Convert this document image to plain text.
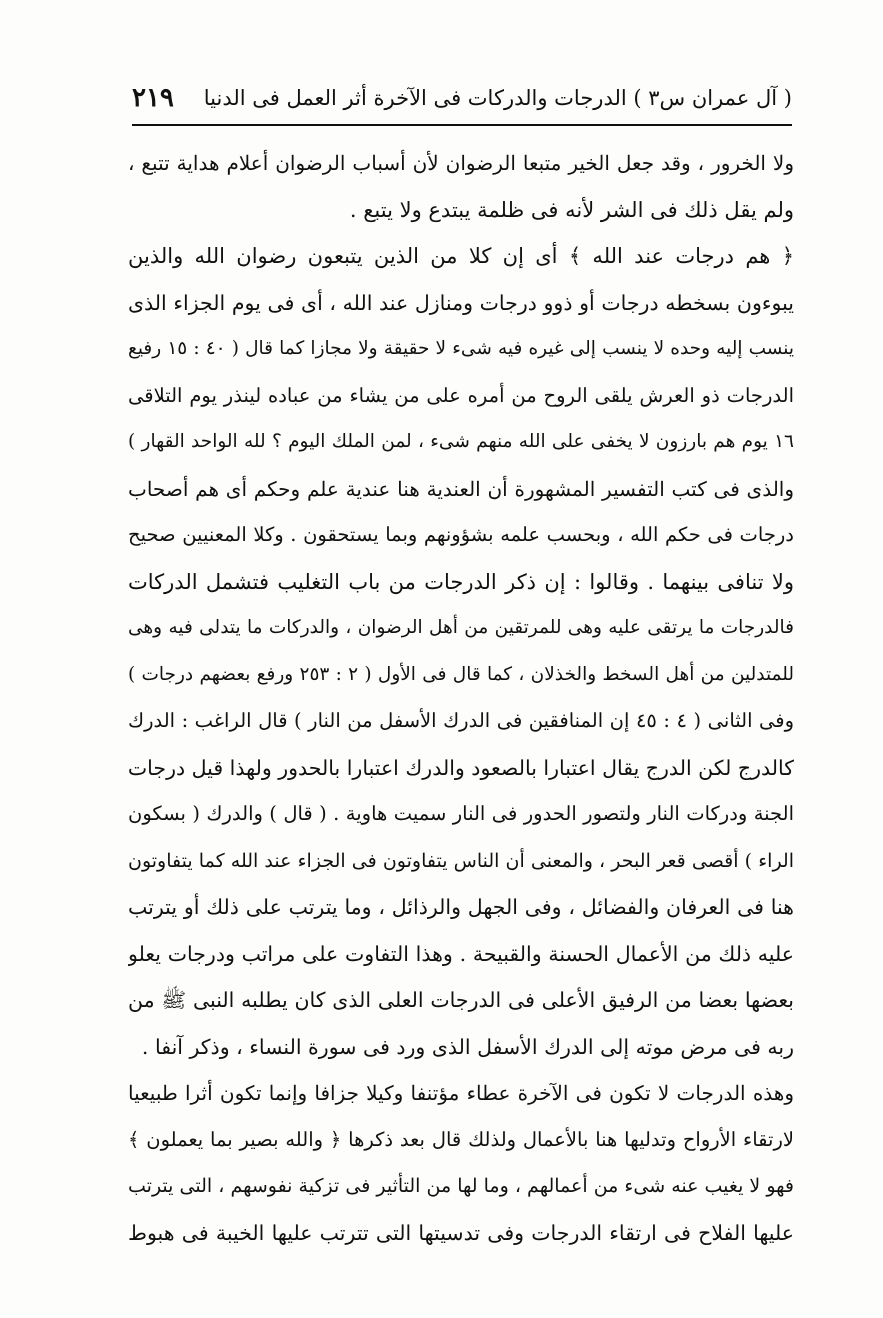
( آل عمران س٣ ) الدرجات والدركات فى الآخرة أثر العمل فى الدنيا
٢١٩
ولا الخرور ، وقد جعل الخير متبعا الرضوان لأن أسباب الرضوان أعلام هداية تتبع ،
ولم يقل ذلك فى الشر لأنه فى ظلمة يبتدع ولا يتبع .
﴿ هم درجات عند الله ﴾ أى إن كلا من الذين يتبعون رضوان الله والذين
يبوءون بسخطه درجات أو ذوو درجات ومنازل عند الله ، أى فى يوم الجزاء الذى
ينسب إليه وحده لا ينسب إلى غيره فيه شىء لا حقيقة ولا مجازا كما قال ( ٤٠ : ١٥ رفيع
الدرجات ذو العرش يلقى الروح من أمره على من يشاء من عباده لينذر يوم التلاقى
١٦ يوم هم بارزون لا يخفى على الله منهم شىء ، لمن الملك اليوم ؟ لله الواحد القهار )
والذى فى كتب التفسير المشهورة أن العندية هنا عندية علم وحكم أى هم أصحاب
درجات فى حكم الله ، وبحسب علمه بشؤونهم وبما يستحقون . وكلا المعنيين صحيح
ولا تنافى بينهما . وقالوا : إن ذكر الدرجات من باب التغليب فتشمل الدركات
فالدرجات ما يرتقى عليه وهى للمرتقين من أهل الرضوان ، والدركات ما يتدلى فيه وهى
للمتدلين من أهل السخط والخذلان ، كما قال فى الأول ( ٢ : ٢٥٣ ورفع بعضهم درجات )
وفى الثانى ( ٤ : ٤٥ إن المنافقين فى الدرك الأسفل من النار ) قال الراغب : الدرك
كالدرج لكن الدرج يقال اعتبارا بالصعود والدرك اعتبارا بالحدور ولهذا قيل درجات
الجنة ودركات النار ولتصور الحدور فى النار سميت هاوية . ( قال ) والدرك ( بسكون
الراء ) أقصى قعر البحر ، والمعنى أن الناس يتفاوتون فى الجزاء عند الله كما يتفاوتون
هنا فى العرفان والفضائل ، وفى الجهل والرذائل ، وما يترتب على ذلك أو يترتب
عليه ذلك من الأعمال الحسنة والقبيحة . وهذا التفاوت على مراتب ودرجات يعلو
بعضها بعضا من الرفيق الأعلى فى الدرجات العلى الذى كان يطلبه النبى ﷺ من
ربه فى مرض موته إلى الدرك الأسفل الذى ورد فى سورة النساء ، وذكر آنفا .
وهذه الدرجات لا تكون فى الآخرة عطاء مؤتنفا وكيلا جزافا وإنما تكون أثرا طبيعيا
لارتقاء الأرواح وتدليها هنا بالأعمال ولذلك قال بعد ذكرها ﴿ والله بصير بما يعملون ﴾
فهو لا يغيب عنه شىء من أعمالهم ، وما لها من التأثير فى تزكية نفوسهم ، التى يترتب
عليها الفلاح فى ارتقاء الدرجات وفى تدسيتها التى تترتب عليها الخيبة فى هبوط
